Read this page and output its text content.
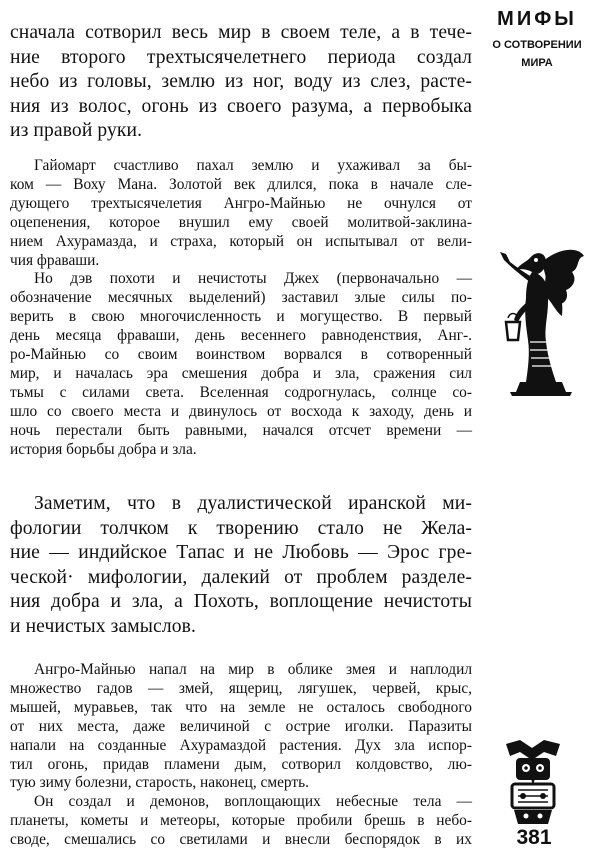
сначала сотворил весь мир в своем теле, а в тече-
ние второго трехтысячелетнего периода создал
небо из головы, землю из ног, воду из слез, расте-
ния из волос, огонь из своего разума, а первобыка
из правой руки.
Гайомарт счастливо пахал землю и ухаживал за бы-
ком — Воху Мана. Золотой век длился, пока в начале сле-
дующего трехтысячелетия Ангро-Майнью не очнулся от
оцепенения, которое внушил ему своей молитвой-заклина-
нием Ахурамазда, и страха, который он испытывал от вели-
чия фраваши.
Но дэв похоти и нечистоты Джех (первоначально —
обозначение месячных выделений) заставил злые силы по-
верить в свою многочисленность и могущество. В первый
день месяца фраваши, день весеннего равноденствия, Анг-.
ро-Майнью со своим воинством ворвался в сотворенный
мир, и началась эра смешения добра и зла, сражения сил
тьмы с силами света. Вселенная содрогнулась, солнце со-
шло со своего места и двинулось от восхода к заходу, день и
ночь перестали быть равными, начался отсчет времени —
история борьбы добра и зла.
Заметим, что в дуалистической иранской ми-
фологии толчком к творению стало не Желa-
ние — индийское Тапас и не Любовь — Эрос гре-
ческой· мифологии, далекий от проблем разделе-
ния добра и зла, а Похоть, воплощение нечистоты
и нечистых замыслов.
Ангро-Майнью напал на мир в облике змея и наплодил
множество гадов — змей, ящериц, лягушек, червей, крыс,
мышей, муравьев, так что на земле не осталось свободного
от них места, даже величиной с острие иголки. Паразиты
напали на созданные Ахурамаздой растения. Дух зла испор-
тил огонь, придав пламени дым, сотворил колдовство, лю-
тую зиму болезни, старость, наконец, смерть.
Он создал и демонов, воплощающих небесные тела —
планеты, кометы и метеоры, которые пробили брешь в небо-
своде, смешались со светилами и внесли беспорядок в их
МИФЫ
О СОТВОРЕНИИ
МИРА
381
